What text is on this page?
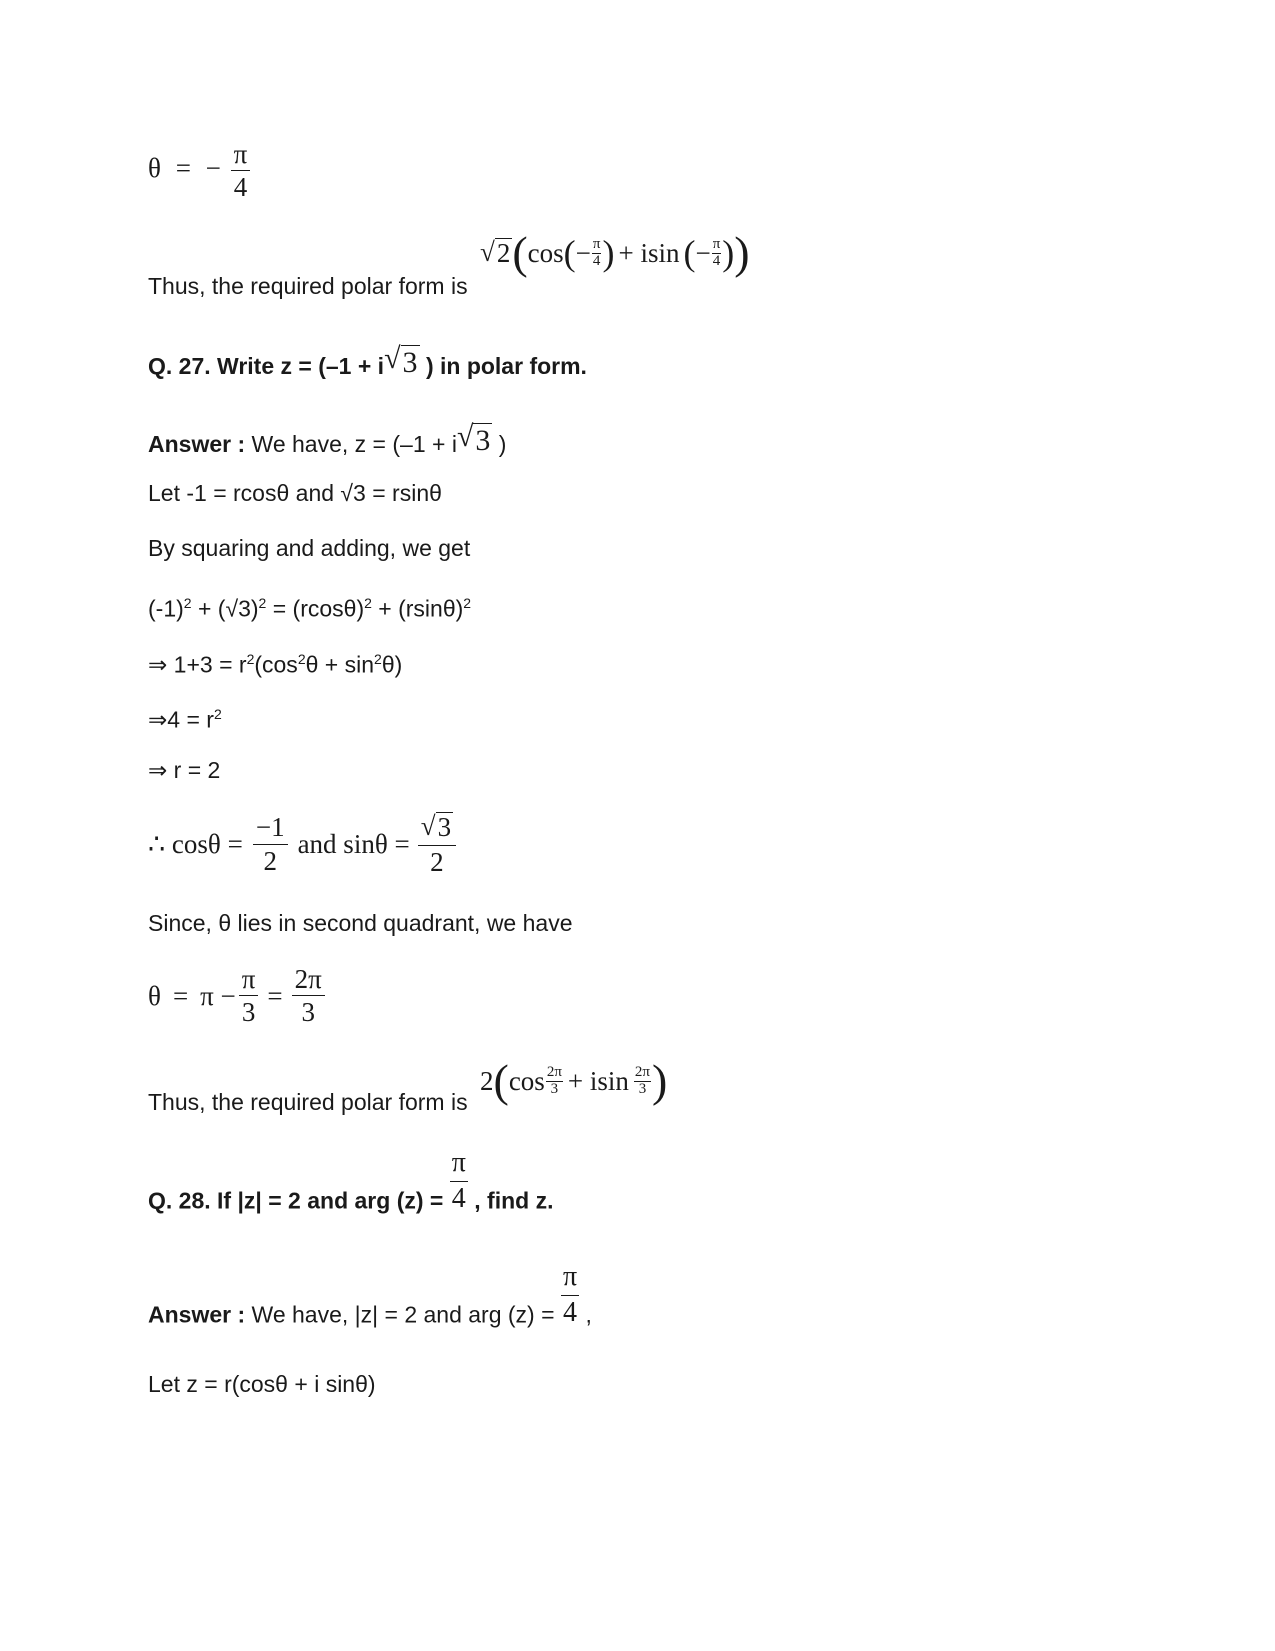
θ = − $\frac{\pi}{4}$
Thus, the required polar form is
√ 2 ( cos ( − $\frac{\pi}{4}$ ) + isin ( − $\frac{\pi}{4}$ ) )
Q. 27. Write z = (–1 + i √ 3 ) in polar form.
Answer : We have, z = (–1 + i √ 3 )
Let -1 = rcosθ and √3 = rsinθ
By squaring and adding, we get
$(-1)^2 + (√3)^2 = (rcos\theta)^2 + (rsin\theta)^2$
⇒ $1+3 = r^2(\cos^2\theta + \sin^2\theta)$
⇒4 = $r^2$
⇒ r = 2
∴ $\cos\theta = \frac{-1}{2}$ and $\sin\theta = \frac{√ 3}{2}$
Since, θ lies in second quadrant, we have
$\theta = \pi - \frac{\pi}{3} = \frac{2\pi}{3}$
Thus, the required polar form is
2 ( $\cos \frac{2\pi}{3} + isin \frac{2\pi}{3}$ )
Q. 28. If |z| = 2 and arg $(z) = \frac{\pi}{4}$ , find z.
Answer : We have, |z| = 2 and arg $(z) = \frac{\pi}{4}$ ,
Let z = r(cosθ + i sinθ)
